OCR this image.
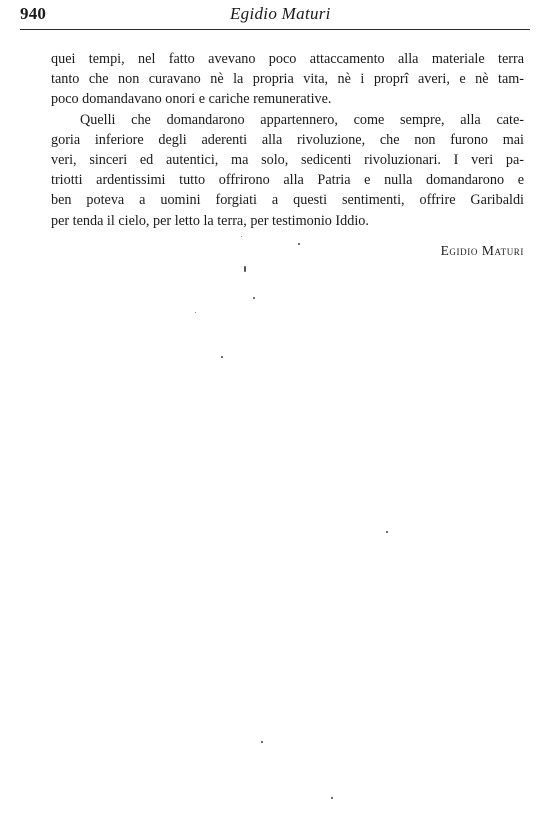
940	Egidio Maturi
quei tempi, nel fatto avevano poco attaccamento alla materiale terra
tanto che non curavano nè la propria vita, nè i proprî averi, e nè tam-
poco domandavano onori e cariche remunerative.
Quelli che domandarono appartennero, come sempre, alla cate-
goria inferiore degli aderenti alla rivoluzione, che non furono mai
veri, sinceri ed autentici, ma solo, sedicenti rivoluzionari. I veri pa-
triotti ardentissimi tutto offrirono alla Patria e nulla domandarono e
ben poteva a uomini forgiati a questi sentimenti, offrire Garibaldi
per tenda il cielo, per letto la terra, per testimonio Iddio.
Egidio Maturi
